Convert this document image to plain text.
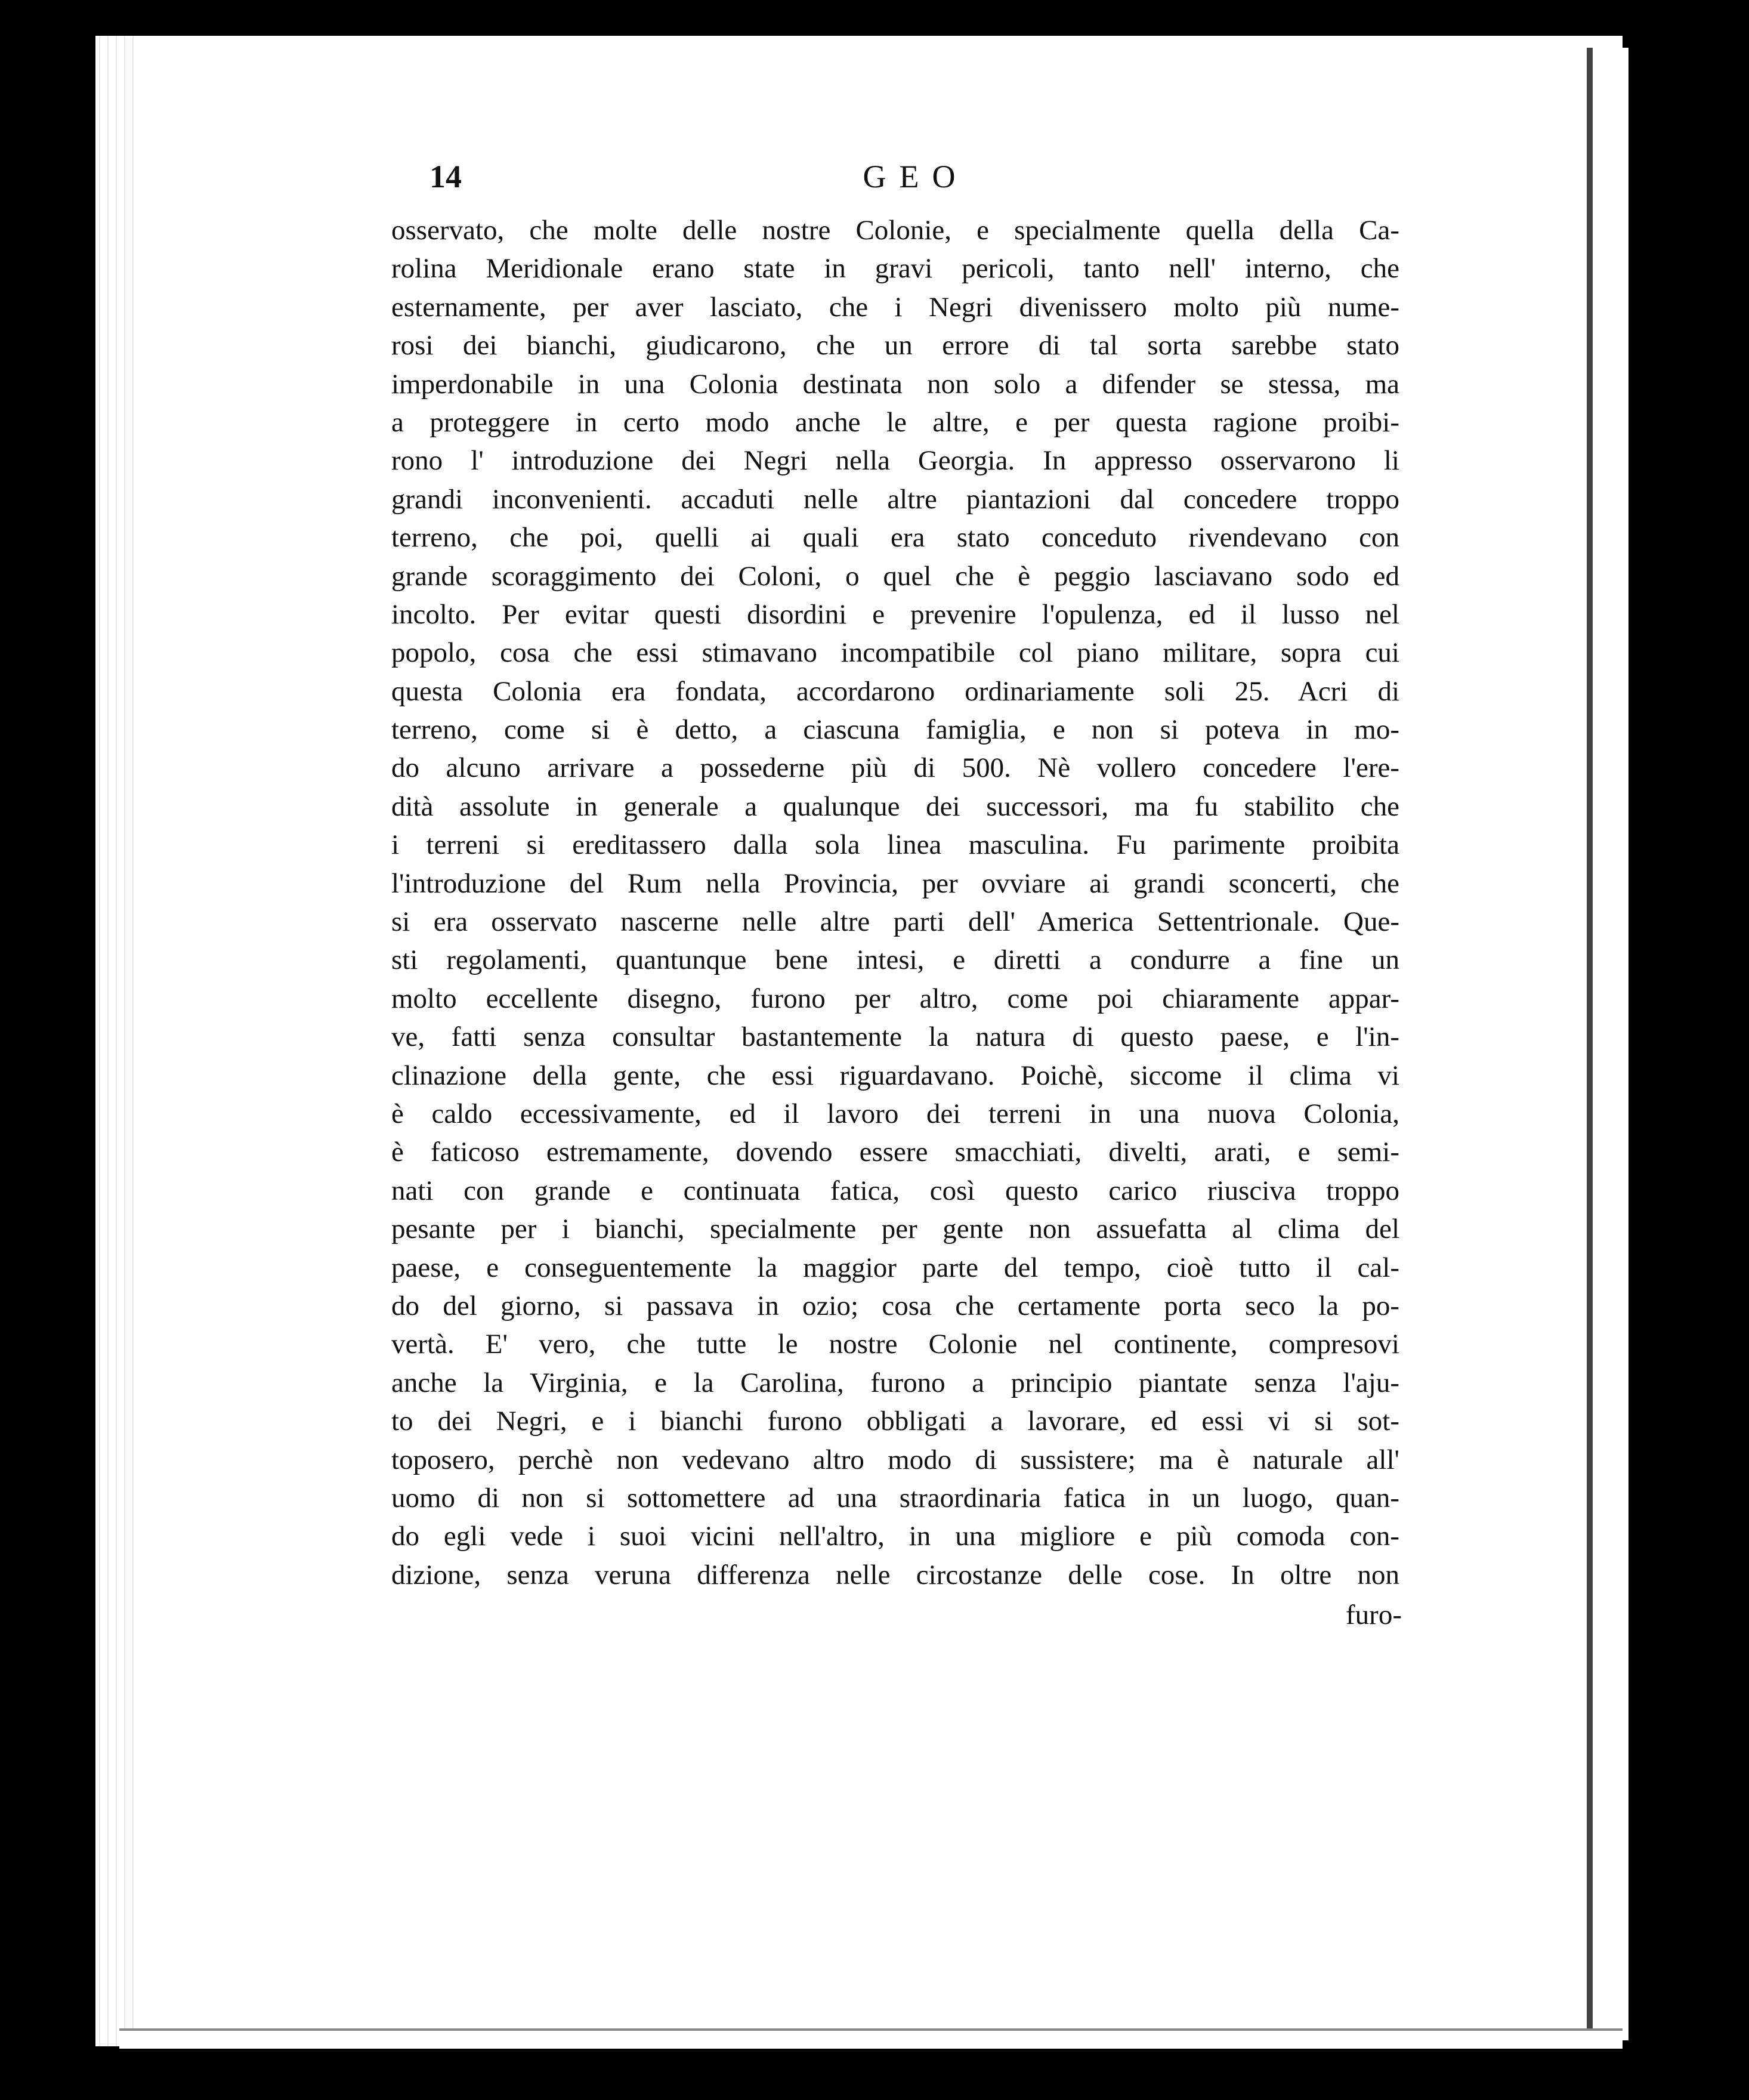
14	GEO
osservato, che molte delle nostre Colonie, e specialmente quella della Ca-
rolina Meridionale erano state in gravi pericoli, tanto nell' interno, che
esternamente, per aver lasciato, che i Negri divenissero molto più nume-
rosi dei bianchi, giudicarono, che un errore di tal sorta sarebbe stato
imperdonabile in una Colonia destinata non solo a difender se stessa, ma
a proteggere in certo modo anche le altre, e per questa ragione proibi-
rono l' introduzione dei Negri nella Georgia. In appresso osservarono li
grandi inconvenienti. accaduti nelle altre piantazioni dal concedere troppo
terreno, che poi, quelli ai quali era stato conceduto rivendevano con
grande scoraggimento dei Coloni, o quel che è peggio lasciavano sodo ed
incolto. Per evitar questi disordini e prevenire l'opulenza, ed il lusso nel
popolo, cosa che essi stimavano incompatibile col piano militare, sopra cui
questa Colonia era fondata, accordarono ordinariamente soli 25. Acri di
terreno, come si è detto, a ciascuna famiglia, e non si poteva in mo-
do alcuno arrivare a possederne più di 500. Nè vollero concedere l'ere-
dità assolute in generale a qualunque dei successori, ma fu stabilito che
i terreni si ereditassero dalla sola linea masculina. Fu parimente proibita
l'introduzione del Rum nella Provincia, per ovviare ai grandi sconcerti, che
si era osservato nascerne nelle altre parti dell' America Settentrionale. Que-
sti regolamenti, quantunque bene intesi, e diretti a condurre a fine un
molto eccellente disegno, furono per altro, come poi chiaramente appar-
ve, fatti senza consultar bastantemente la natura di questo paese, e l'in-
clinazione della gente, che essi riguardavano. Poichè, siccome il clima vi
è caldo eccessivamente, ed il lavoro dei terreni in una nuova Colonia,
è faticoso estremamente, dovendo essere smacchiati, divelti, arati, e semi-
nati con grande e continuata fatica, così questo carico riusciva troppo
pesante per i bianchi, specialmente per gente non assuefatta al clima del
paese, e conseguentemente la maggior parte del tempo, cioè tutto il cal-
do del giorno, si passava in ozio; cosa che certamente porta seco la po-
vertà. E' vero, che tutte le nostre Colonie nel continente, compresovi
anche la Virginia, e la Carolina, furono a principio piantate senza l'aju-
to dei Negri, e i bianchi furono obbligati a lavorare, ed essi vi si sot-
toposero, perchè non vedevano altro modo di sussistere; ma è naturale all'
uomo di non si sottomettere ad una straordinaria fatica in un luogo, quan-
do egli vede i suoi vicini nell'altro, in una migliore e più comoda con-
dizione, senza veruna differenza nelle circostanze delle cose. In oltre non
furo-
